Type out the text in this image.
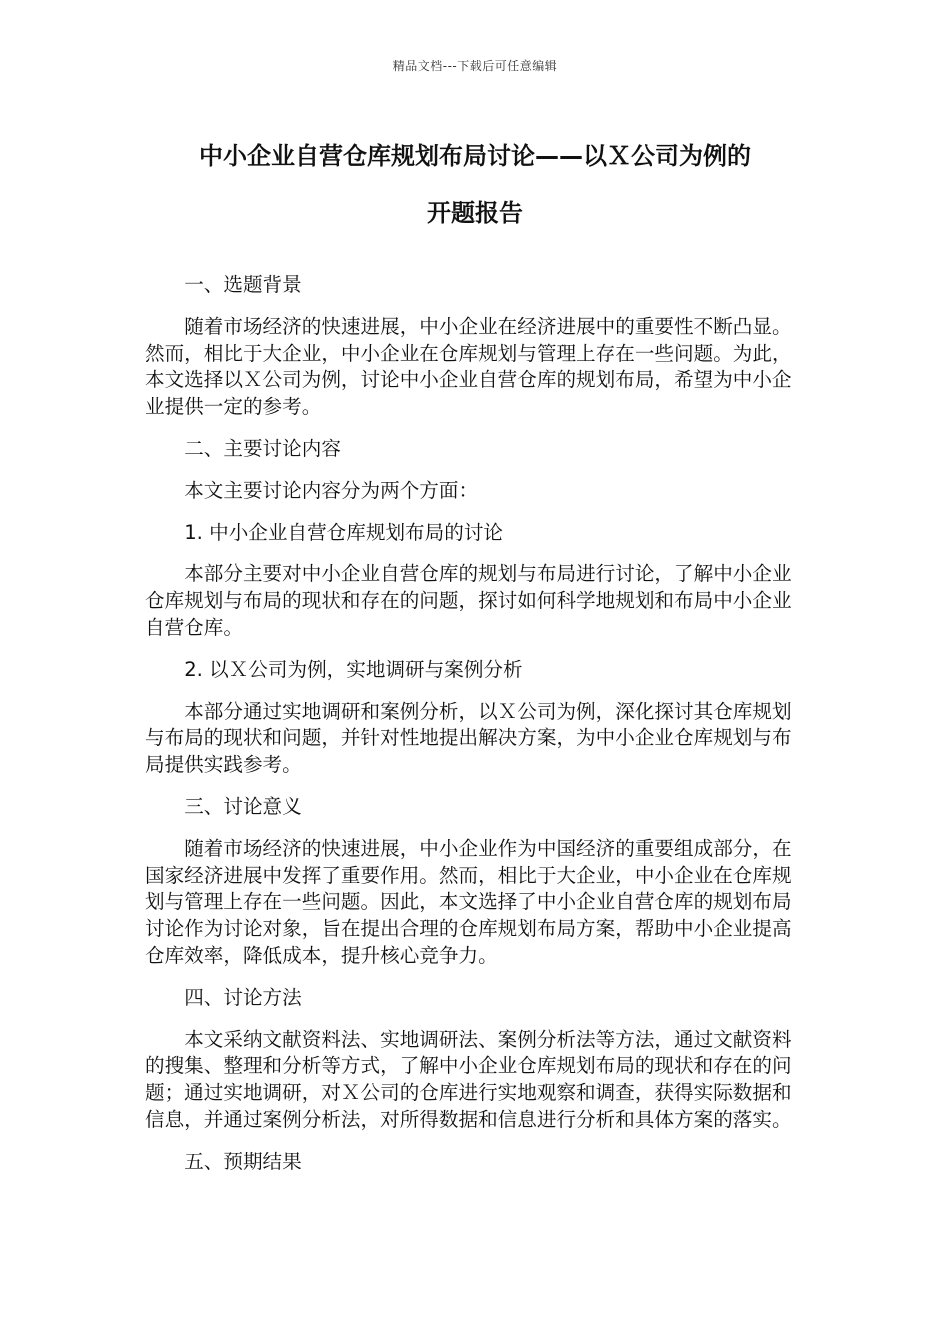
精品文档---下载后可任意编辑
中小企业自营仓库规划布局讨论——以Ｘ公司为例的
开题报告

一、选题背景

随着市场经济的快速进展，中小企业在经济进展中的重要性不断凸显。然而，相比于大企业，中小企业在仓库规划与管理上存在一些问题。为此，本文选择以Ｘ公司为例，讨论中小企业自营仓库的规划布局，希望为中小企业提供一定的参考。

二、主要讨论内容

本文主要讨论内容分为两个方面：

1. 中小企业自营仓库规划布局的讨论

本部分主要对中小企业自营仓库的规划与布局进行讨论，了解中小企业仓库规划与布局的现状和存在的问题，探讨如何科学地规划和布局中小企业自营仓库。

2. 以Ｘ公司为例，实地调研与案例分析

本部分通过实地调研和案例分析，以Ｘ公司为例，深化探讨其仓库规划与布局的现状和问题，并针对性地提出解决方案，为中小企业仓库规划与布局提供实践参考。

三、讨论意义

随着市场经济的快速进展，中小企业作为中国经济的重要组成部分，在国家经济进展中发挥了重要作用。然而，相比于大企业，中小企业在仓库规划与管理上存在一些问题。因此，本文选择了中小企业自营仓库的规划布局讨论作为讨论对象，旨在提出合理的仓库规划布局方案，帮助中小企业提高仓库效率，降低成本，提升核心竞争力。

四、讨论方法

本文采纳文献资料法、实地调研法、案例分析法等方法，通过文献资料的搜集、整理和分析等方式，了解中小企业仓库规划布局的现状和存在的问题；通过实地调研，对Ｘ公司的仓库进行实地观察和调查，获得实际数据和信息，并通过案例分析法，对所得数据和信息进行分析和具体方案的落实。

五、预期结果
